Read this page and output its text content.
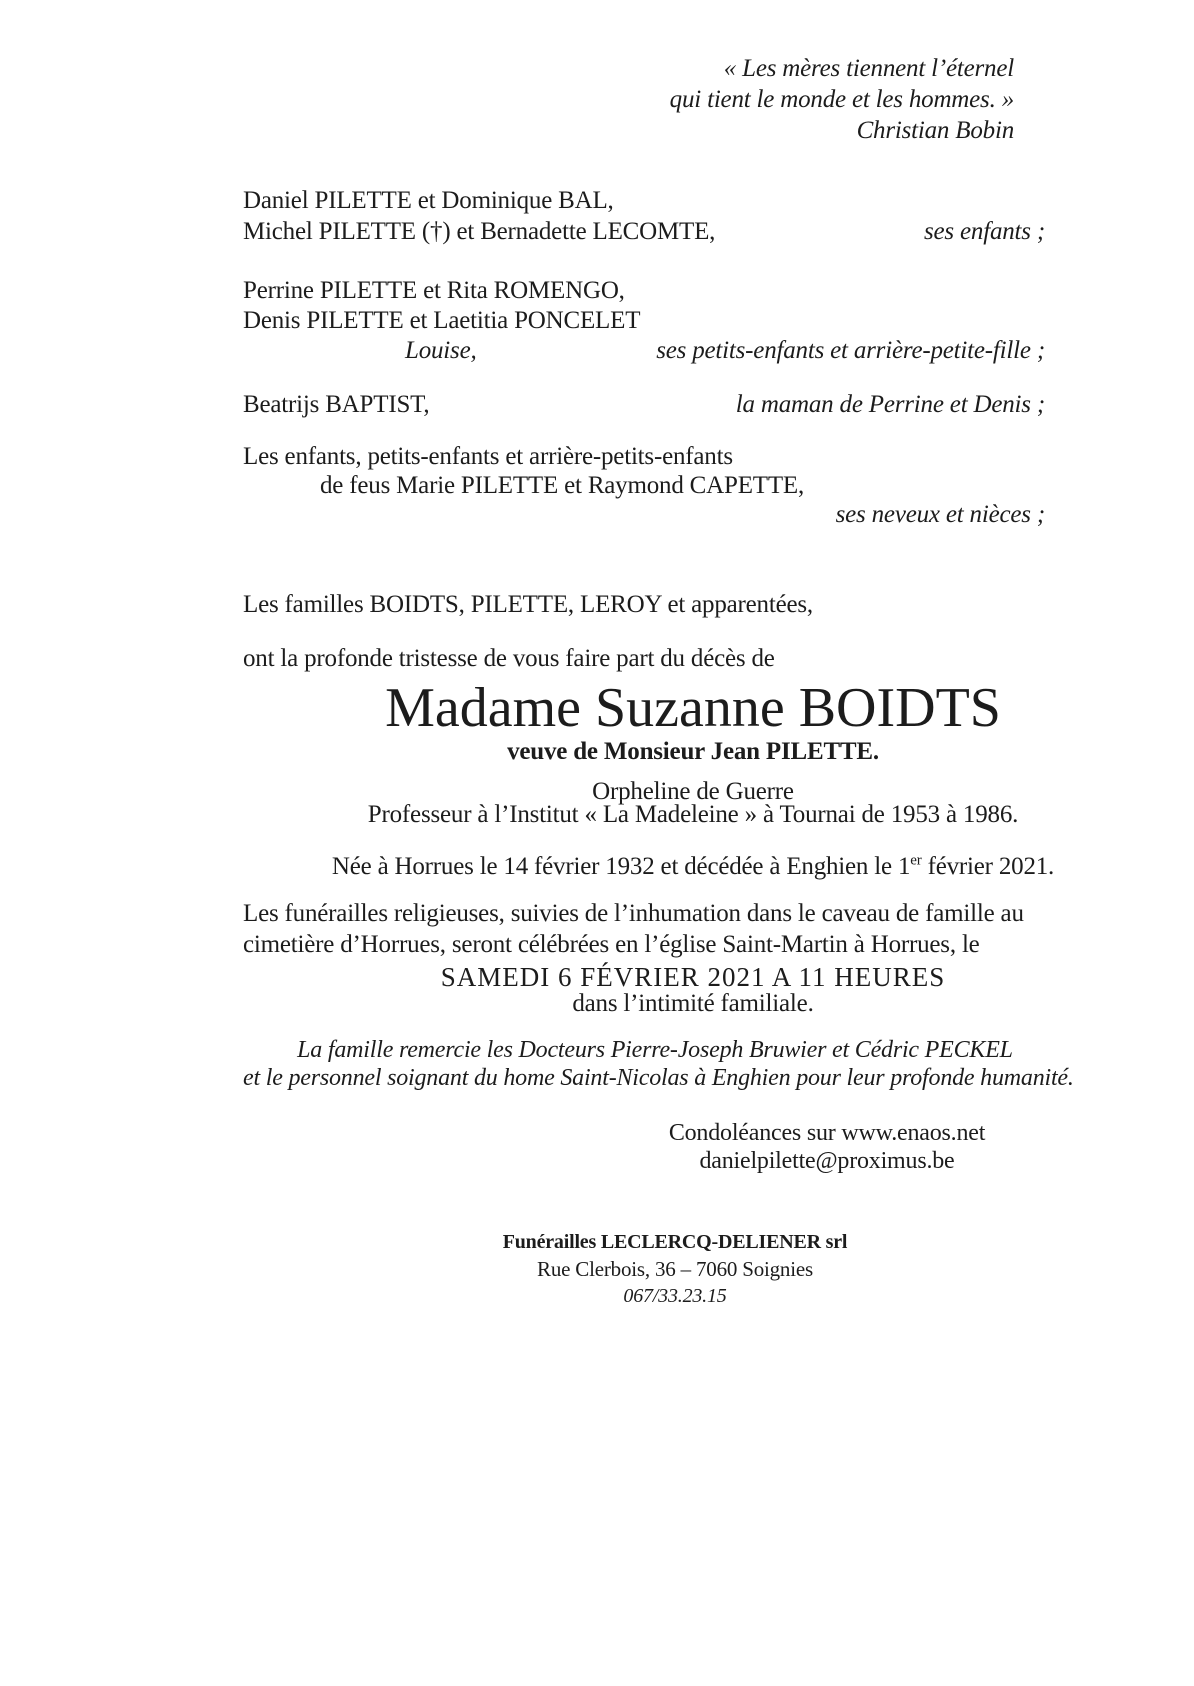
« Les mères tiennent l’éternel
qui tient le monde et les hommes. »
Christian Bobin
Daniel PILETTE et Dominique BAL,
Michel PILETTE (†) et Bernadette LECOMTE,	ses enfants ;
Perrine PILETTE et Rita ROMENGO,
Denis PILETTE et Laetitia PONCELET
Louise,	ses petits-enfants et arrière-petite-fille ;
Beatrijs BAPTIST,	la maman de Perrine et Denis ;
Les enfants, petits-enfants et arrière-petits-enfants
de feus Marie PILETTE et Raymond CAPETTE,
ses neveux et nièces ;
Les familles BOIDTS, PILETTE, LEROY et apparentées,
ont la profonde tristesse de vous faire part du décès de
Madame Suzanne BOIDTS
veuve de Monsieur Jean PILETTE.
Orpheline de Guerre
Professeur à l’Institut « La Madeleine » à Tournai de 1953 à 1986.
Née à Horrues le 14 février 1932 et décédée à Enghien le 1er février 2021.
Les funérailles religieuses, suivies de l’inhumation dans le caveau de famille au
cimetière d’Horrues, seront célébrées en l’église Saint-Martin à Horrues, le
SAMEDI 6 FÉVRIER 2021 A 11 HEURES
dans l’intimité familiale.
La famille remercie les Docteurs Pierre-Joseph Bruwier et Cédric PECKEL
et le personnel soignant du home Saint-Nicolas à Enghien pour leur profonde humanité.
Condoléances sur www.enaos.net
danielpilette@proximus.be
Funérailles LECLERCQ-DELIENER srl
Rue Clerbois, 36 – 7060 Soignies
067/33.23.15
